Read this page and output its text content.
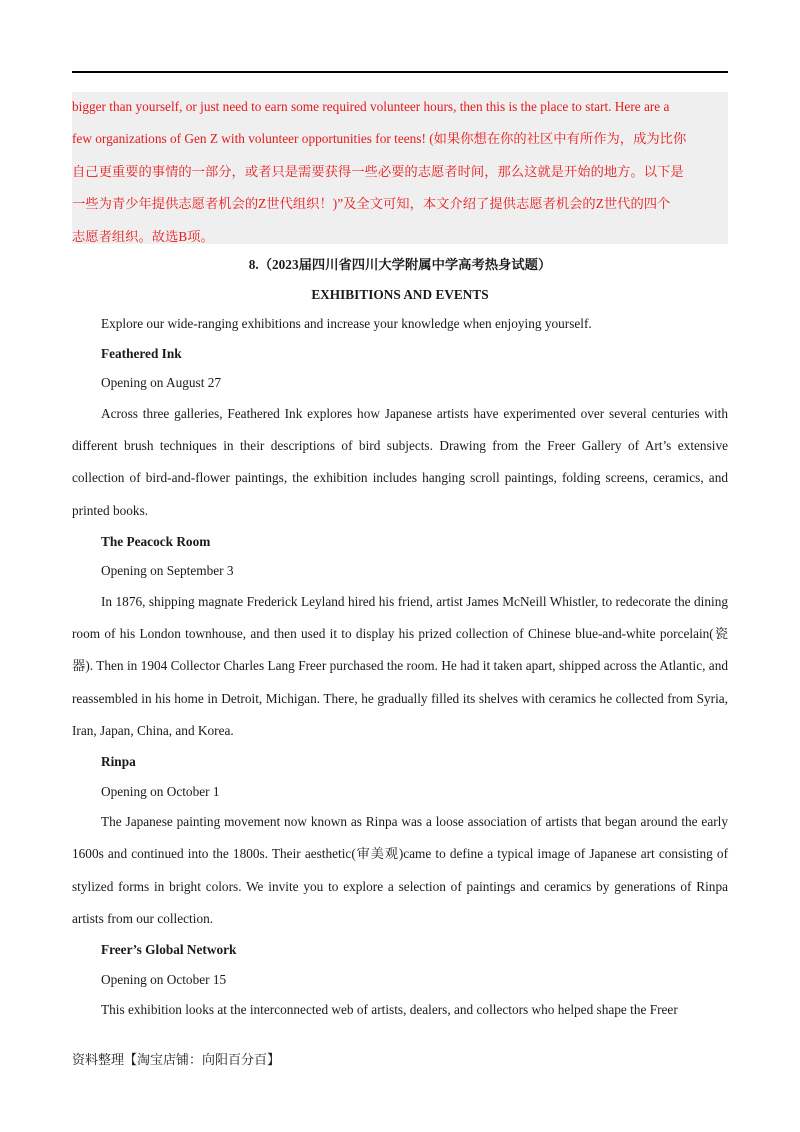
bigger than yourself, or just need to earn some required volunteer hours, then this is the place to start. Here are a

few organizations of Gen Z with volunteer opportunities for teens! (如果你想在你的社区中有所作为，成为比你

自己更重要的事情的一部分，或者只是需要获得一些必要的志愿者时间，那么这就是开始的地方。以下是

一些为青少年提供志愿者机会的Z世代组织！)”及全文可知，本文介绍了提供志愿者机会的Z世代的四个

志愿者组织。故选B项。

8.（2023届四川省四川大学附属中学高考热身试题）
EXHIBITIONS AND EVENTS
Explore our wide-ranging exhibitions and increase your knowledge when enjoying yourself.
Feathered Ink
Opening on August 27

Across three galleries, Feathered Ink explores how Japanese artists have experimented over several centuries with different brush techniques in their descriptions of bird subjects. Drawing from the Freer Gallery of Art’s extensive collection of bird-and-flower paintings, the exhibition includes hanging scroll paintings, folding screens, ceramics, and printed books.

The Peacock Room
Opening on September 3

In 1876, shipping magnate Frederick Leyland hired his friend, artist James McNeill Whistler, to redecorate the dining room of his London townhouse, and then used it to display his prized collection of Chinese blue-and-white porcelain(瓷器). Then in 1904 Collector Charles Lang Freer purchased the room. He had it taken apart, shipped across the Atlantic, and reassembled in his home in Detroit, Michigan. There, he gradually filled its shelves with ceramics he collected from Syria, Iran, Japan, China, and Korea.

Rinpa
Opening on October 1

The Japanese painting movement now known as Rinpa was a loose association of artists that began around the early 1600s and continued into the 1800s. Their aesthetic(审美观)came to define a typical image of Japanese art consisting of stylized forms in bright colors. We invite you to explore a selection of paintings and ceramics by generations of Rinpa artists from our collection.

Freer’s Global Network
Opening on October 15

This exhibition looks at the interconnected web of artists, dealers, and collectors who helped shape the Freer

资料整理【淘宝店铺：向阳百分百】
